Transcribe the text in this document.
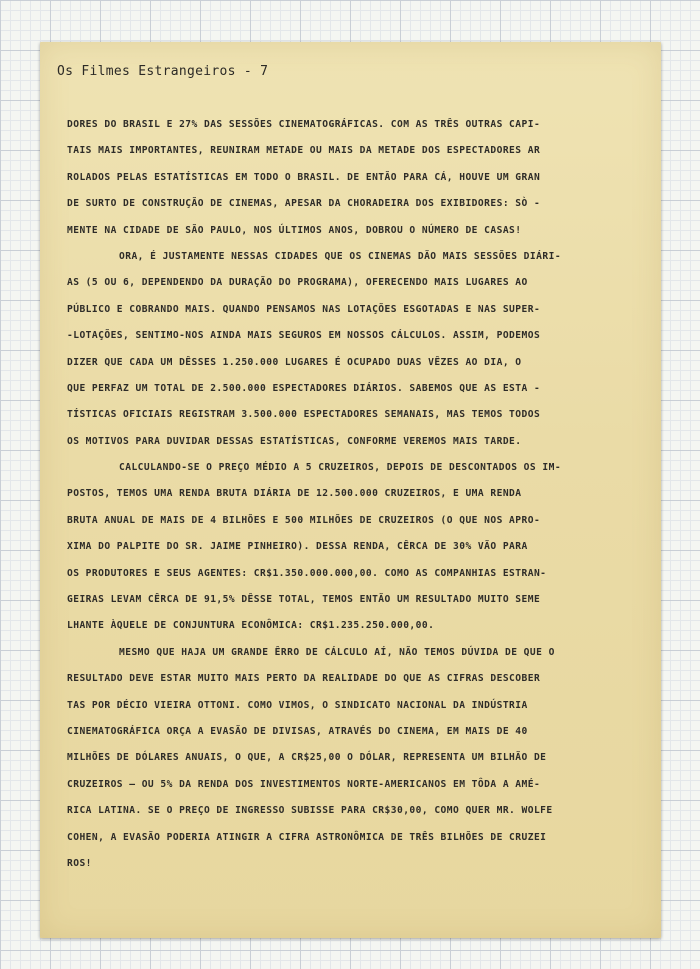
Os Filmes Estrangeiros - 7
DORES DO BRASIL E 27% DAS SESSÕES CINEMATOGRÁFICAS. COM AS TRÊS OUTRAS CAPI-
TAIS MAIS IMPORTANTES, REUNIRAM METADE OU MAIS DA METADE DOS ESPECTADORES AR
ROLADOS PELAS ESTATÍSTICAS EM TODO O BRASIL. DE ENTÃO PARA CÁ, HOUVE UM GRAN
DE SURTO DE CONSTRUÇÃO DE CINEMAS, APESAR DA CHORADEIRA DOS EXIBIDORES: SÒ -
MENTE NA CIDADE DE SÃO PAULO, NOS ÚLTIMOS ANOS, DOBROU O NÚMERO DE CASAS!
ORA, É JUSTAMENTE NESSAS CIDADES QUE OS CINEMAS DÃO MAIS SESSÕES DIÁRI-
AS (5 OU 6, DEPENDENDO DA DURAÇÃO DO PROGRAMA), OFERECENDO MAIS LUGARES AO
PÚBLICO E COBRANDO MAIS. QUANDO PENSAMOS NAS LOTAÇÕES ESGOTADAS E NAS SUPER-
-LOTAÇÕES, SENTIMO-NOS AINDA MAIS SEGUROS EM NOSSOS CÁLCULOS. ASSIM, PODEMOS
DIZER QUE CADA UM DÊSSES 1.250.000 LUGARES É OCUPADO DUAS VÊZES AO DIA, O
QUE PERFAZ UM TOTAL DE 2.500.000 ESPECTADORES DIÁRIOS. SABEMOS QUE AS ESTA -
TÍSTICAS OFICIAIS REGISTRAM 3.500.000 ESPECTADORES SEMANAIS, MAS TEMOS TODOS
OS MOTIVOS PARA DUVIDAR DESSAS ESTATÍSTICAS, CONFORME VEREMOS MAIS TARDE.
CALCULANDO-SE O PREÇO MÉDIO A 5 CRUZEIROS, DEPOIS DE DESCONTADOS OS IM-
POSTOS, TEMOS UMA RENDA BRUTA DIÁRIA DE 12.500.000 CRUZEIROS, E UMA RENDA
BRUTA ANUAL DE MAIS DE 4 BILHÕES E 500 MILHÕES DE CRUZEIROS (O QUE NOS APRO-
XIMA DO PALPITE DO SR. JAIME PINHEIRO). DESSA RENDA, CÊRCA DE 30% VÃO PARA
OS PRODUTORES E SEUS AGENTES: CR$1.350.000.000,00. COMO AS COMPANHIAS ESTRAN-
GEIRAS LEVAM CÊRCA DE 91,5% DÊSSE TOTAL, TEMOS ENTÃO UM RESULTADO MUITO SEME
LHANTE ÀQUELE DE CONJUNTURA ECONÔMICA: CR$1.235.250.000,00.
MESMO QUE HAJA UM GRANDE ÊRRO DE CÁLCULO AÍ, NÃO TEMOS DÚVIDA DE QUE O
RESULTADO DEVE ESTAR MUITO MAIS PERTO DA REALIDADE DO QUE AS CIFRAS DESCOBER
TAS POR DÉCIO VIEIRA OTTONI. COMO VIMOS, O SINDICATO NACIONAL DA INDÚSTRIA
CINEMATOGRÁFICA ORÇA A EVASÃO DE DIVISAS, ATRAVÉS DO CINEMA, EM MAIS DE 40
MILHÕES DE DÓLARES ANUAIS, O QUE, A CR$25,00 O DÓLAR, REPRESENTA UM BILHÃO DE
CRUZEIROS — OU 5% DA RENDA DOS INVESTIMENTOS NORTE-AMERICANOS EM TÔDA A AMÉ-
RICA LATINA. SE O PREÇO DE INGRESSO SUBISSE PARA CR$30,00, COMO QUER MR. WOLFE
COHEN, A EVASÃO PODERIA ATINGIR A CIFRA ASTRONÔMICA DE TRÊS BILHÕES DE CRUZEI
ROS!
